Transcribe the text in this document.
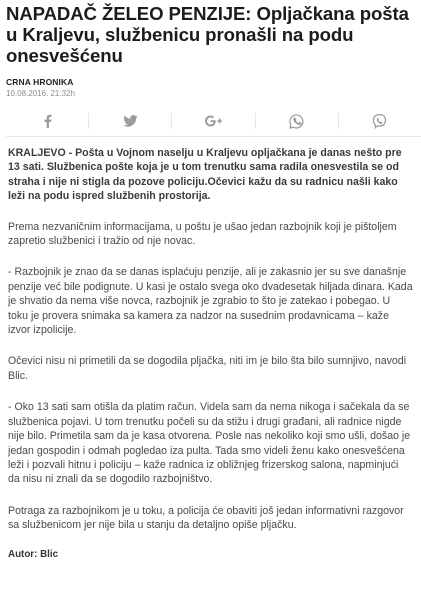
NAPADAČ ŽELEO PENZIJE: Opljačkana pošta u Kraljevu, službenicu pronašli na podu onesvešćenu
CRNA HRONIKA
10.08.2016. 21:32h

KRALJEVO - Pošta u Vojnom naselju u Kraljevu opljačkana je danas nešto pre 13 sati. Službenica pošte koja je u tom trenutku sama radila onesvestila se od straha i nije ni stigla da pozove policiju.Očevici kažu da su radnicu našli kako leži na podu ispred službenih prostorija.

Prema nezvaničnim informacijama, u poštu je ušao jedan razbojnik koji je pištoljem zapretio službenici i tražio od nje novac.

- Razbojnik je znao da se danas isplaćuju penzije, ali je zakasnio jer su sve današnje penzije već bile podignute. U kasi je ostalo svega oko dvadesetak hiljada dinara. Kada je shvatio da nema više novca, razbojnik je zgrabio to što je zatekao i pobegao. U toku je provera snimaka sa kamera za nadzor na susednim prodavnicama – kaže izvor izpolicije.

Očevici nisu ni primetili da se dogodila pljačka, niti im je bilo šta bilo sumnjivo, navodi Blic.

- Oko 13 sati sam otišla da platim račun. Videla sam da nema nikoga i sačekala da se službenica pojavi. U tom trenutku počeli su da stižu i drugi građani, ali radnice nigde nije bilo. Primetila sam da je kasa otvorena. Posle nas nekoliko koji smo ušli, došao je jedan gospodin i odmah pogledao iza pulta. Tada smo videli ženu kako onesvešćena leži i pozvali hitnu i policiju – kaže radnica iz obližnjeg frizerskog salona, napminjući da nisu ni znali da se dogodilo razbojništvo.

Potraga za razbojnikom je u toku, a policija će obaviti još jedan informativni razgovor sa službenicom jer nije bila u stanju da detaljno opiše pljačku.

Autor: Blic
